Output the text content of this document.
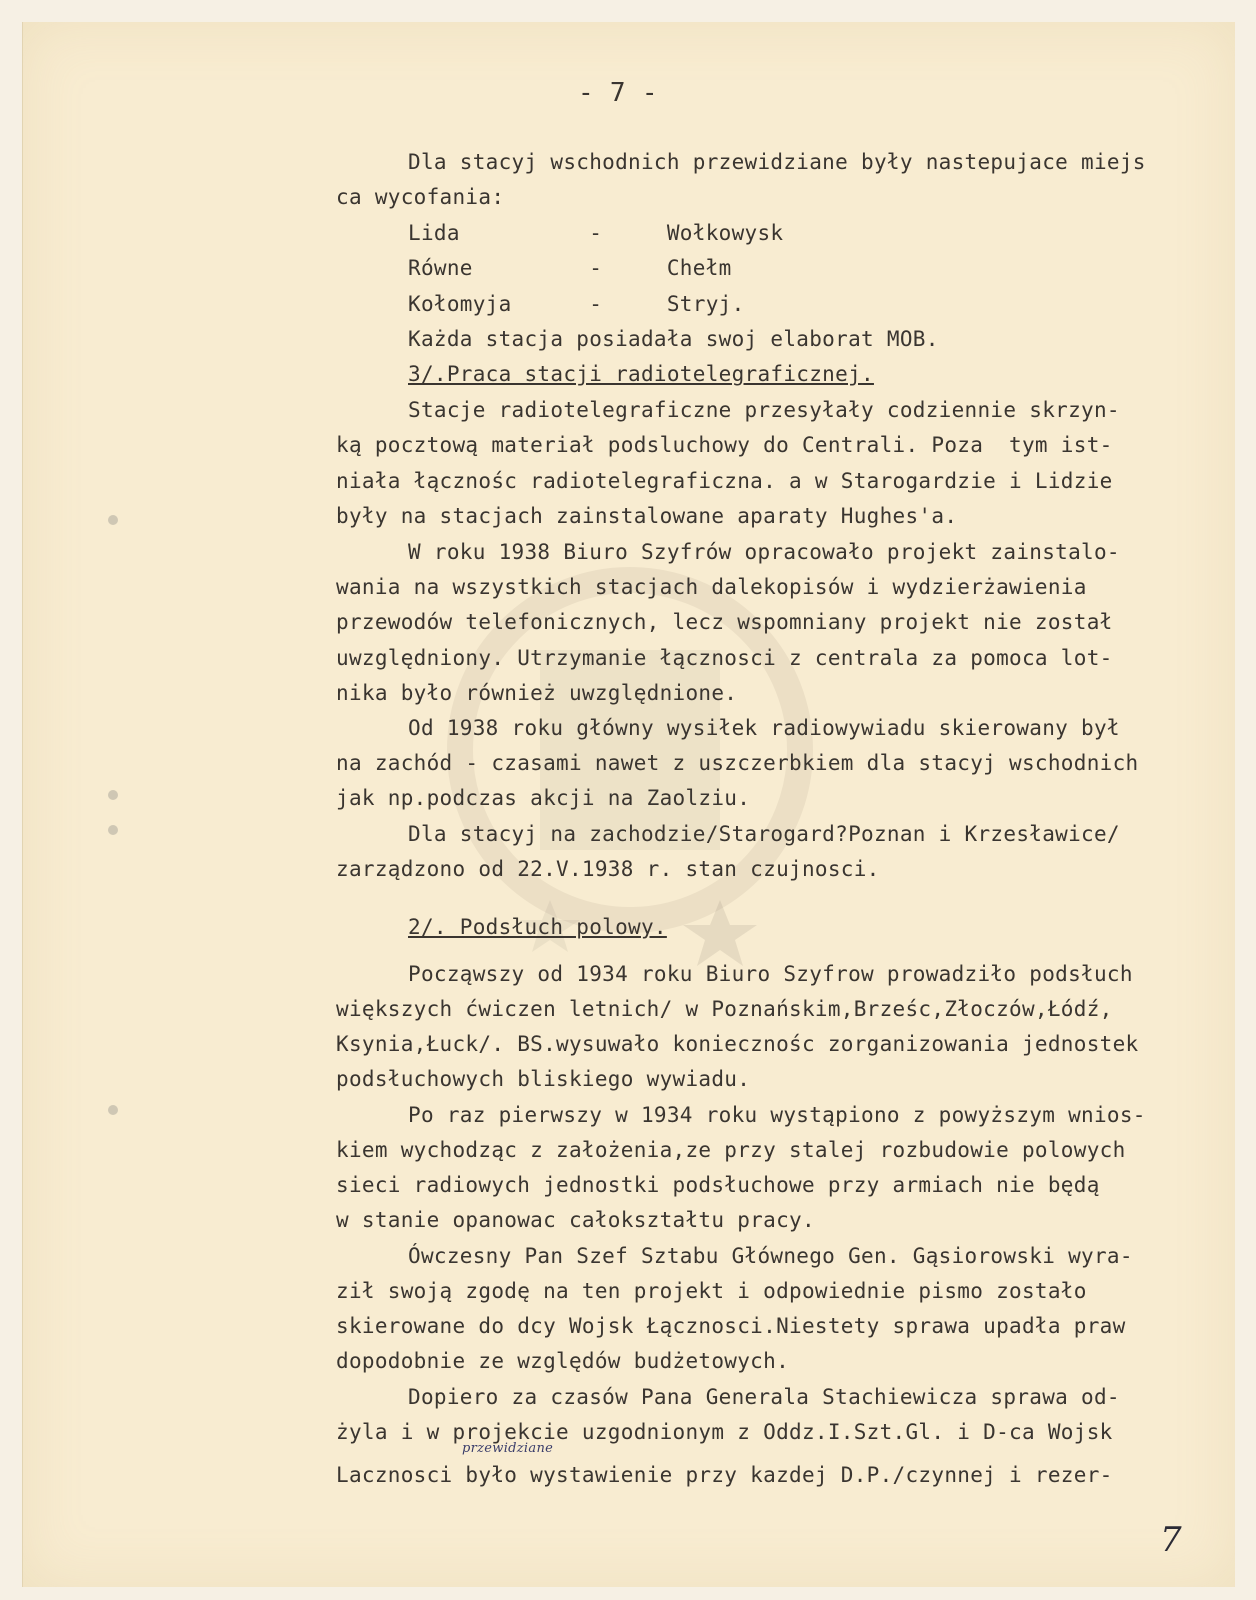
- 7 -
Dla stacyj wschodnich przewidziane były nastepujace miejs
ca wycofania:
Lida          -     Wołkowysk
Równe         -     Chełm
Kołomyja      -     Stryj.
Każda stacja posiadała swoj elaborat MOB.
3/.Praca stacji radiotelegraficznej.
Stacje radiotelegraficzne przesyłały codziennie skrzyn-
ką pocztową materiał podsluchowy do Centrali. Poza  tym ist-
niała łącznośc radiotelegraficzna. a w Starogardzie i Lidzie
były na stacjach zainstalowane aparaty Hughes'a.
W roku 1938 Biuro Szyfrów opracowało projekt zainstalo-
wania na wszystkich stacjach dalekopisów i wydzierżawienia
przewodów telefonicznych, lecz wspomniany projekt nie został
uwzględniony. Utrzymanie łącznosci z centrala za pomoca lot-
nika było również uwzględnione.
Od 1938 roku główny wysiłek radiowywiadu skierowany był
na zachód - czasami nawet z uszczerbkiem dla stacyj wschodnich
jak np.podczas akcji na Zaolziu.
Dla stacyj na zachodzie/Starogard?Poznan i Krzesławice/
zarządzono od 22.V.1938 r. stan czujnosci.
2/. Podsłuch polowy.
Począwszy od 1934 roku Biuro Szyfrow prowadziło podsłuch
większych ćwiczen letnich/ w Poznańskim,Brześc,Złoczów,Łódź,
Ksynia,Łuck/. BS.wysuwało koniecznośc zorganizowania jednostek
podsłuchowych bliskiego wywiadu.
Po raz pierwszy w 1934 roku wystąpiono z powyższym wnios-
kiem wychodząc z założenia,ze przy stalej rozbudowie polowych
sieci radiowych jednostki podsłuchowe przy armiach nie będą
w stanie opanowac całokształtu pracy.
Ówczesny Pan Szef Sztabu Głównego Gen. Gąsiorowski wyra-
ził swoją zgodę na ten projekt i odpowiednie pismo zostało
skierowane do dcy Wojsk Łącznosci.Niestety sprawa upadła praw
dopodobnie ze względów budżetowych.
Dopiero za czasów Pana Generala Stachiewicza sprawa od-
żyla i w projekcie uzgodnionym z Oddz.I.Szt.Gl. i D-ca Wojsk
Lacznosci było wystawienie przy kazdej D.P./czynnej i rezer-
przewidziane
7
